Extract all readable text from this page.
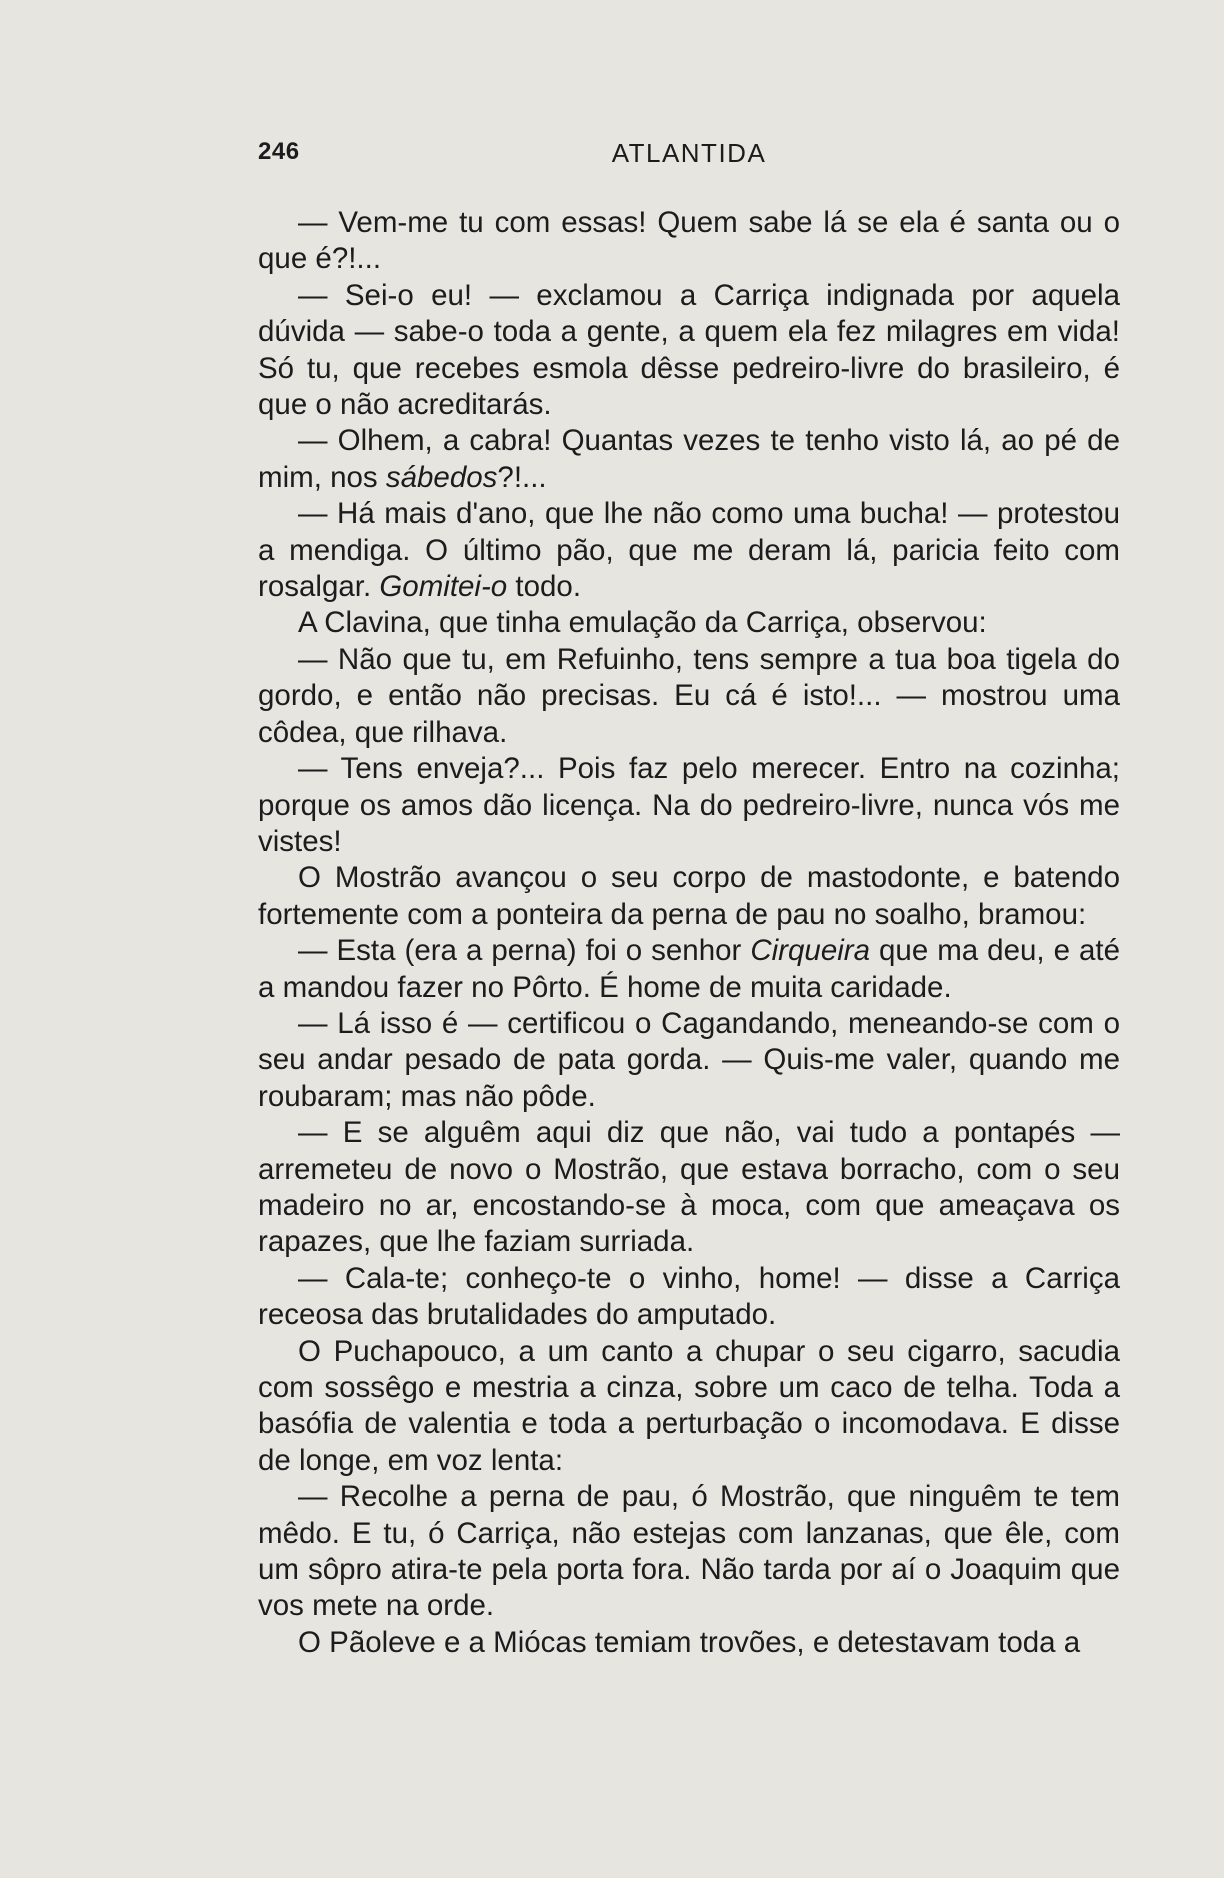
246	ATLANTIDA

— Vem-me tu com essas! Quem sabe lá se ela é santa ou o que é?!...

— Sei-o eu! — exclamou a Carriça indignada por aquela dúvida — sabe-o toda a gente, a quem ela fez milagres em vida! Só tu, que recebes esmola dêsse pedreiro-livre do brasileiro, é que o não acreditarás.

— Olhem, a cabra! Quantas vezes te tenho visto lá, ao pé de mim, nos sábedos?!...

— Há mais d'ano, que lhe não como uma bucha! — protestou a mendiga. O último pão, que me deram lá, paricia feito com rosalgar. Gomitei-o todo.

A Clavina, que tinha emulação da Carriça, observou:

— Não que tu, em Refuinho, tens sempre a tua boa tigela do gordo, e então não precisas. Eu cá é isto!... — mostrou uma côdea, que rilhava.

— Tens enveja?... Pois faz pelo merecer. Entro na cozinha; porque os amos dão licença. Na do pedreiro-livre, nunca vós me vistes!

O Mostrão avançou o seu corpo de mastodonte, e batendo fortemente com a ponteira da perna de pau no soalho, bramou:

— Esta (era a perna) foi o senhor Cirqueira que ma deu, e até a mandou fazer no Pôrto. É home de muita caridade.

— Lá isso é — certificou o Cagandando, meneando-se com o seu andar pesado de pata gorda. — Quis-me valer, quando me roubaram; mas não pôde.

— E se alguêm aqui diz que não, vai tudo a pontapés — arremeteu de novo o Mostrão, que estava borracho, com o seu madeiro no ar, encostando-se à moca, com que ameaçava os rapazes, que lhe faziam surriada.

— Cala-te; conheço-te o vinho, home! — disse a Carriça receosa das brutalidades do amputado.

O Puchapouco, a um canto a chupar o seu cigarro, sacudia com sossêgo e mestria a cinza, sobre um caco de telha. Toda a basófia de valentia e toda a perturbação o incomodava. E disse de longe, em voz lenta:

— Recolhe a perna de pau, ó Mostrão, que ninguêm te tem mêdo. E tu, ó Carriça, não estejas com lanzanas, que êle, com um sôpro atira-te pela porta fora. Não tarda por aí o Joaquim que vos mete na orde.

O Pãoleve e a Miócas temiam trovões, e detestavam toda a
